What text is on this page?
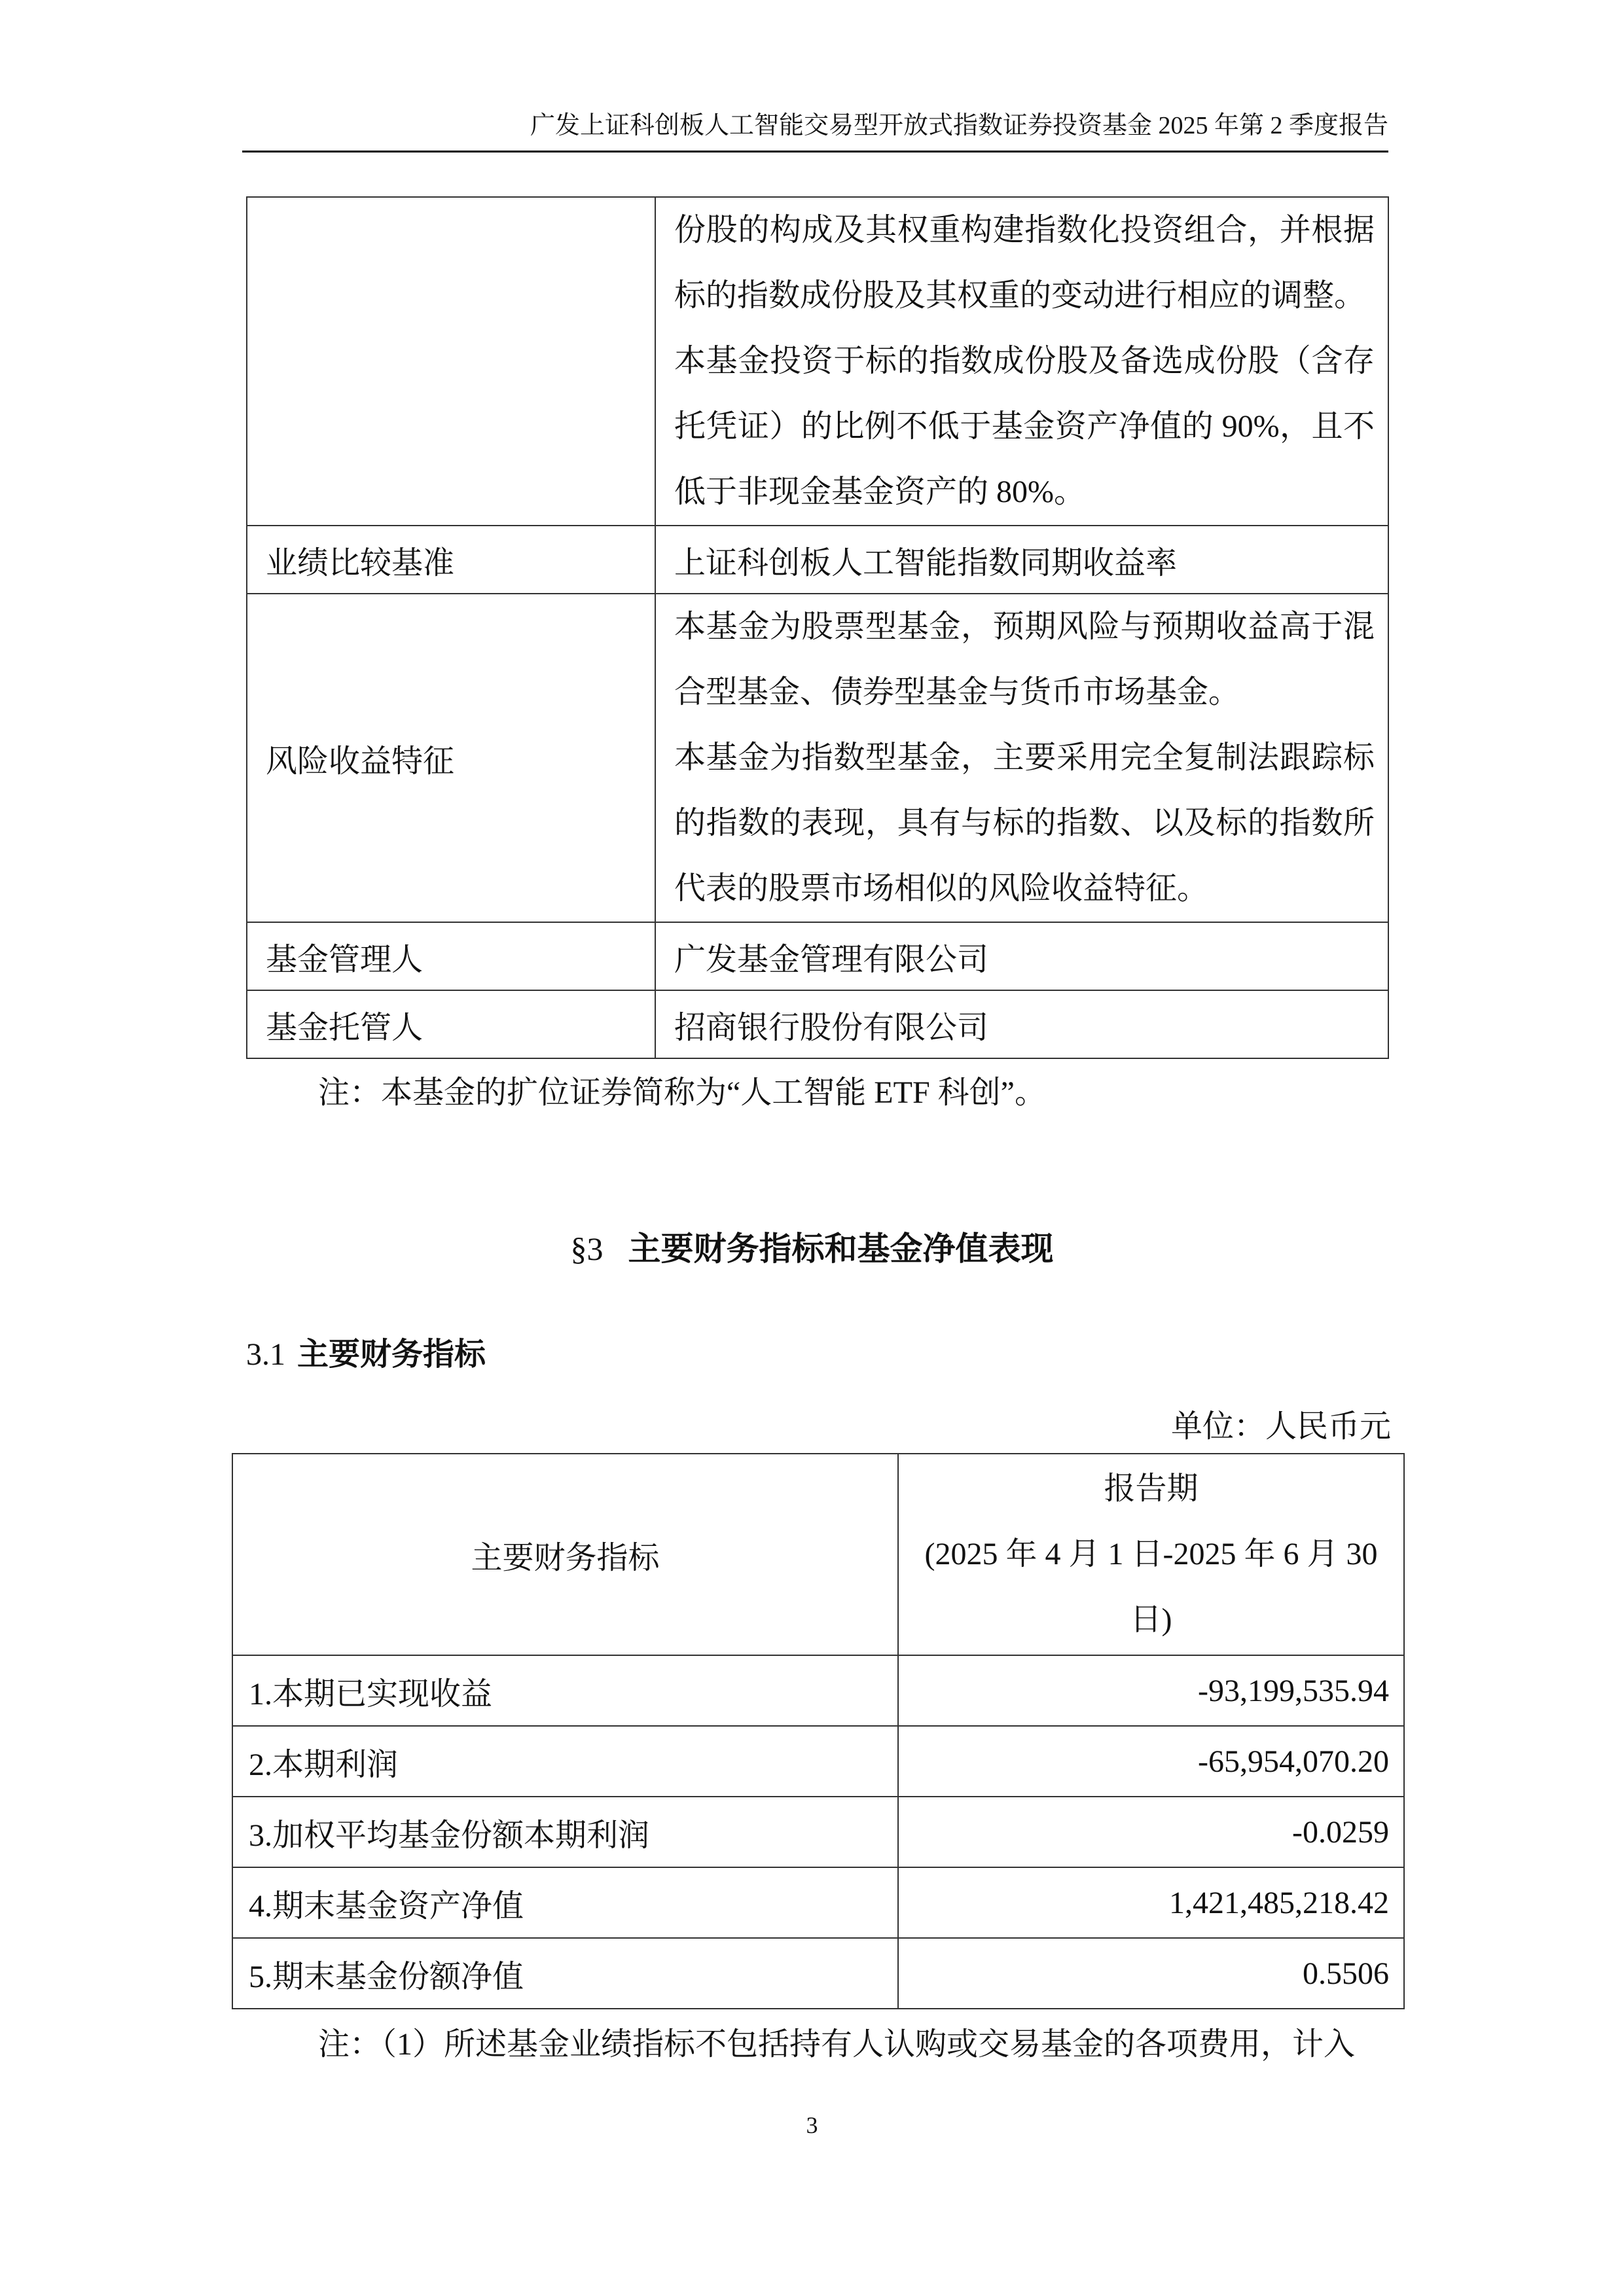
广发上证科创板人工智能交易型开放式指数证券投资基金 2025 年第 2 季度报告

	份股的构成及其权重构建指数化投资组合，并根据标的指数成份股及其权重的变动进行相应的调整。
本基金投资于标的指数成份股及备选成份股（含存托凭证）的比例不低于基金资产净值的 90%，且不低于非现金基金资产的 80%。

业绩比较基准	上证科创板人工智能指数同期收益率
风险收益特征	本基金为股票型基金，预期风险与预期收益高于混合型基金、债券型基金与货币市场基金。
本基金为指数型基金，主要采用完全复制法跟踪标的指数的表现，具有与标的指数、以及标的指数所代表的股票市场相似的风险收益特征。

基金管理人	广发基金管理有限公司
基金托管人	招商银行股份有限公司
注：本基金的扩位证券简称为“人工智能 ETF 科创”。
§3 主要财务指标和基金净值表现
3.1 主要财务指标
单位：人民币元
主要财务指标	报告期
(2025 年 4 月 1 日-2025 年 6 月 30 日)

1.本期已实现收益	-93,199,535.94
2.本期利润	-65,954,070.20
3.加权平均基金份额本期利润	-0.0259
4.期末基金资产净值	1,421,485,218.42
5.期末基金份额净值	0.5506
注：（1）所述基金业绩指标不包括持有人认购或交易基金的各项费用，计入
3
